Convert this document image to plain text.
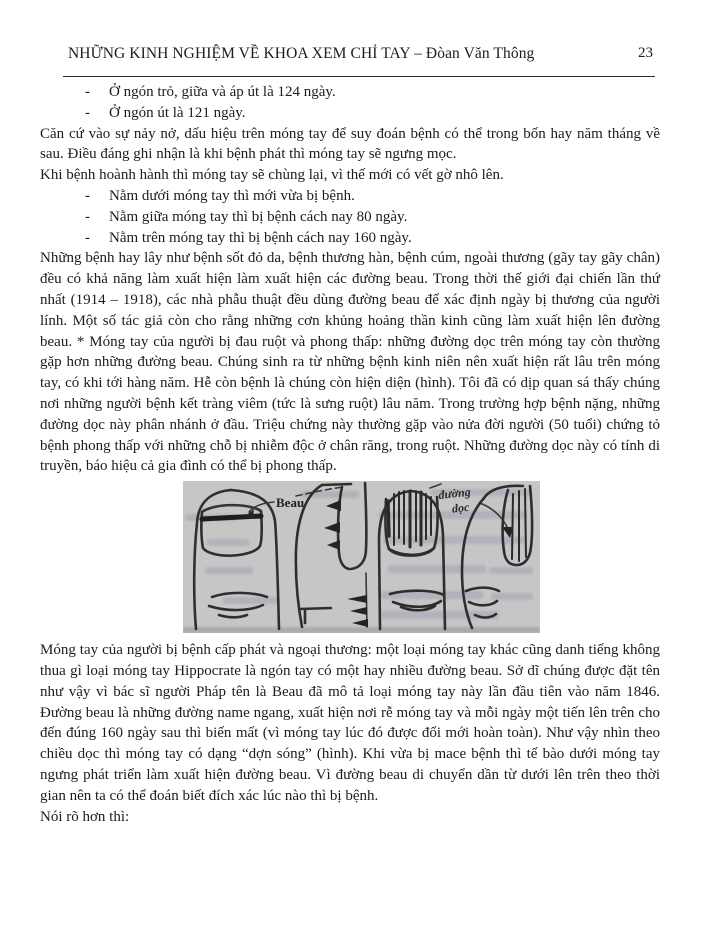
NHỮNG KINH NGHIỆM VỀ KHOA XEM CHỈ TAY – Đòan Văn Thông	23
-	Ở ngón trỏ, giữa và áp út là 124 ngày.
-	Ở ngón út là 121 ngày.

Căn cứ vào sự nảy nở, dấu hiệu trên móng tay để suy đoán bệnh có thể trong bốn hay năm tháng về sau. Điều đáng ghi nhận là khi bệnh phát thì móng tay sẽ ngưng mọc.

Khi bệnh hoành hành thì móng tay sẽ chùng lại, vì thế mới có vết gờ nhô lên.

-	Nằm dưới móng tay thì mới vừa bị bệnh.
-	Nằm giữa móng tay thì bị bệnh cách nay 80 ngày.
-	Nằm trên móng tay thì bị bệnh cách nay 160 ngày.

Những bệnh hay lây như bệnh sốt đỏ da, bệnh thương hàn, bệnh cúm, ngoài thương (gãy tay gãy chân) đều có khả năng làm xuất hiện làm xuất hiện các đường beau. Trong thời thế giới đại chiến lần thứ nhất (1914 – 1918), các nhà phẫu thuật đều dùng đường beau để xác định ngày bị thương của người lính. Một số tác giả còn cho rằng những cơn khủng hoảng thần kinh cũng làm xuất hiện lên đường beau. * Móng tay của người bị đau ruột và phong thấp: những đường dọc trên móng tay còn thường gặp hơn những đường beau. Chúng sinh ra từ những bệnh kinh niên nên xuất hiện rất lâu trên móng tay, có khi tới hàng năm. Hễ còn bệnh là chúng còn hiện diện (hình). Tôi đã có dịp quan sá thấy chúng nơi những người bệnh kết tràng viêm (tức là sưng ruột) lâu năm. Trong trường hợp bệnh nặng, những đường dọc này phân nhánh ở đầu. Triệu chứng này thường gặp vào nửa đời người (50 tuổi) chứng tỏ bệnh phong thấp với những chỗ bị nhiễm độc ở chân răng, trong ruột. Những đường dọc này có tính di truyền, báo hiệu cả gia đình có thể bị phong thấp.

Beau
đường
dọc

Móng tay của người bị bệnh cấp phát và ngoại thương: một loại móng tay khác cũng danh tiếng không thua gì loại móng tay Hippocrate là ngón tay có một hay nhiều đường beau. Sở dĩ chúng được đặt tên như vậy vì bác sĩ người Pháp tên là Beau đã mô tả loại móng tay này lần đầu tiên vào năm 1846. Đường beau là những đường name ngang, xuất hiện nơi rễ móng tay và mỗi ngày một tiến lên trên cho đến đúng 160 ngày sau thì biến mất (vì móng tay lúc đó được đổi mới hoàn toàn). Như vậy nhìn theo chiều dọc thì móng tay có dạng “dợn sóng” (hình). Khi vừa bị mace bệnh thì tế bào dưới móng tay ngưng phát triển làm xuất hiện đường beau. Vì đường beau di chuyển dần từ dưới lên trên theo thời gian nên ta có thể đoán biết đích xác lúc nào thì bị bệnh.

Nói rõ hơn thì:
